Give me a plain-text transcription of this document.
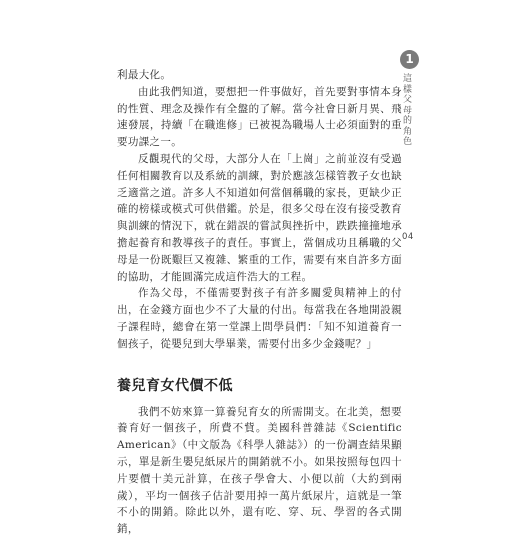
1
這樣父母的角色
04

利最大化。

由此我們知道，要想把一件事做好，首先要對事情本身的性質、理念及操作有全盤的了解。當今社會日新月異、飛速發展，持續「在職進修」已被視為職場人士必須面對的重要功課之一。

反觀現代的父母，大部分人在「上崗」之前並沒有受過任何相關教育以及系統的訓練，對於應該怎樣管教子女也缺乏適當之道。許多人不知道如何當個稱職的家長，更缺少正確的榜樣或模式可供借鑑。於是，很多父母在沒有接受教育與訓練的情況下，就在錯誤的嘗試與挫折中，跌跌撞撞地承擔起養育和教導孩子的責任。事實上，當個成功且稱職的父母是一份既艱巨又複雜、繁重的工作，需要有來自許多方面的協助，才能圓滿完成這件浩大的工程。

作為父母，不僅需要對孩子有許多關愛與精神上的付出，在金錢方面也少不了大量的付出。每當我在各地開設親子課程時，總會在第一堂課上問學員們：「知不知道養育一個孩子，從嬰兒到大學畢業，需要付出多少金錢呢？」

養兒育女代價不低

我們不妨來算一算養兒育女的所需開支。在北美，想要養育好一個孩子，所費不貲。美國科普雜誌《Scientific American》（中文版為《科學人雜誌》）的一份調查結果顯示，單是新生嬰兒紙尿片的開銷就不小。如果按照每包四十片要價十美元計算，在孩子學會大、小便以前（大約到兩歲），平均一個孩子估計要用掉一萬片紙尿片，這就是一筆不小的開銷。除此以外，還有吃、穿、玩、學習的各式開銷，
